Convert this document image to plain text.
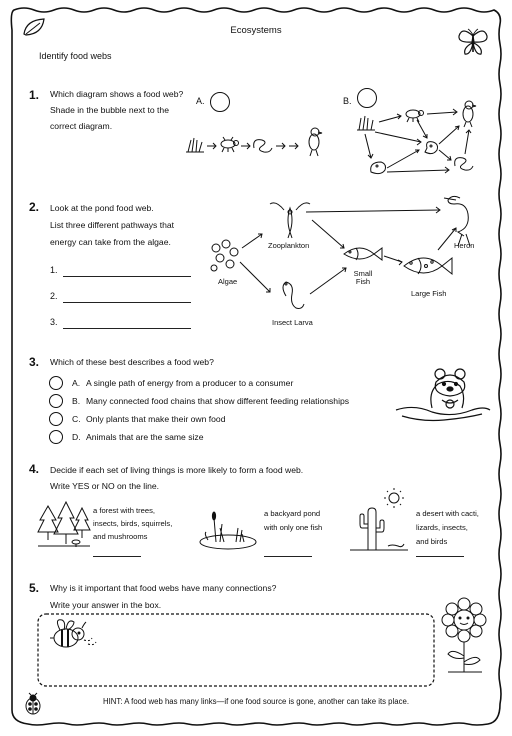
Ecosystems
Identify food webs
1. Which diagram shows a food web?
Shade in the bubble next to the
correct diagram.
A.	B.
2. Look at the pond food web.
List three different pathways that
energy can take from the algae.
1.
2.
3.
Algae
Zooplankton
Small Fish
Large Fish
Heron
Insect Larva
3. Which of these best describes a food web?
A. A single path of energy from a producer to a consumer
B. Many connected food chains that show different feeding relationships
C. Only plants that make their own food
D. Animals that are the same size
4. Decide if each set of living things is more likely to form a food web.
Write YES or NO on the line.
a forest with trees,
insects, birds, squirrels,
and mushrooms
a backyard pond
with only one fish
a desert with cacti,
lizards, insects,
and birds
5. Why is it important that food webs have many connections?
Write your answer in the box.
HINT: A food web has many links—if one food source is gone, another can take its place.
